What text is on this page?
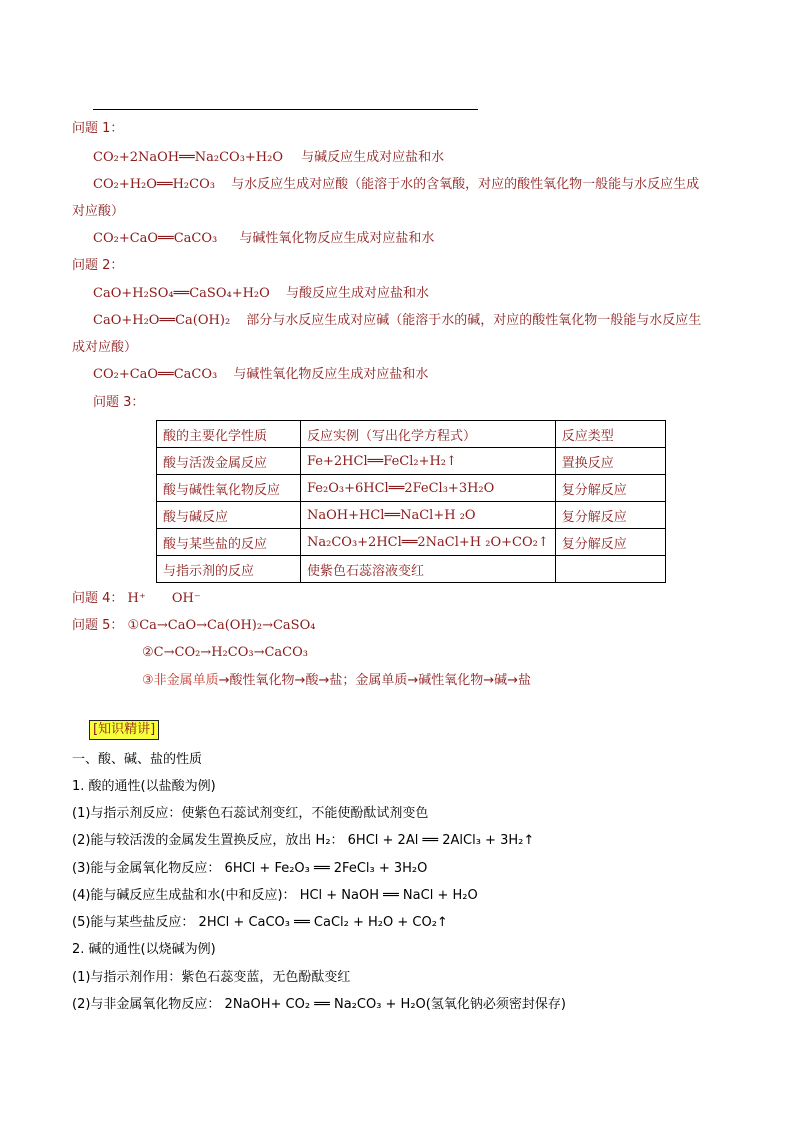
问题 1：
CO₂+2NaOH══Na₂CO₃+H₂O 与碱反应生成对应盐和水
CO₂+H₂O══H₂CO₃ 与水反应生成对应酸（能溶于水的含氧酸，对应的酸性氧化物一般能与水反应生成
对应酸）
CO₂+CaO══CaCO₃ 与碱性氧化物反应生成对应盐和水
问题 2：
CaO+H₂SO₄══CaSO₄+H₂O 与酸反应生成对应盐和水
CaO+H₂O══Ca(OH)₂ 部分与水反应生成对应碱（能溶于水的碱，对应的酸性氧化物一般能与水反应生
成对应酸）
CO₂+CaO══CaCO₃ 与碱性氧化物反应生成对应盐和水
问题 3：
酸的主要化学性质	反应实例（写出化学方程式）	反应类型
酸与活泼金属反应	Fe+2HCl══FeCl₂+H₂↑	置换反应
酸与碱性氧化物反应	Fe₂O₃+6HCl══2FeCl₃+3H₂O	复分解反应
酸与碱反应	NaOH+HCl══NaCl+H ₂O	复分解反应
酸与某些盐的反应	Na₂CO₃+2HCl══2NaCl+H ₂O+CO₂↑	复分解反应
与指示剂的反应	使紫色石蕊溶液变红	
问题 4： H⁺ OH⁻
问题 5： ①Ca→CaO→Ca(OH)₂→CaSO₄
②C→CO₂→H₂CO₃→CaCO₃
③非金属单质→酸性氧化物→酸→盐；金属单质→碱性氧化物→碱→盐
[知识精讲]
一、酸、碱、盐的性质
1. 酸的通性(以盐酸为例)
(1)与指示剂反应：使紫色石蕊试剂变红，不能使酚酞试剂变色
(2)能与较活泼的金属发生置换反应，放出 H₂： 6HCl + 2Al ══ 2AlCl₃ + 3H₂↑
(3)能与金属氧化物反应： 6HCl + Fe₂O₃ ══ 2FeCl₃ + 3H₂O
(4)能与碱反应生成盐和水(中和反应)： HCl + NaOH ══ NaCl + H₂O
(5)能与某些盐反应： 2HCl + CaCO₃ ══ CaCl₂ + H₂O + CO₂↑
2. 碱的通性(以烧碱为例)
(1)与指示剂作用：紫色石蕊变蓝，无色酚酞变红
(2)与非金属氧化物反应： 2NaOH+ CO₂ ══ Na₂CO₃ + H₂O(氢氧化钠必须密封保存)
